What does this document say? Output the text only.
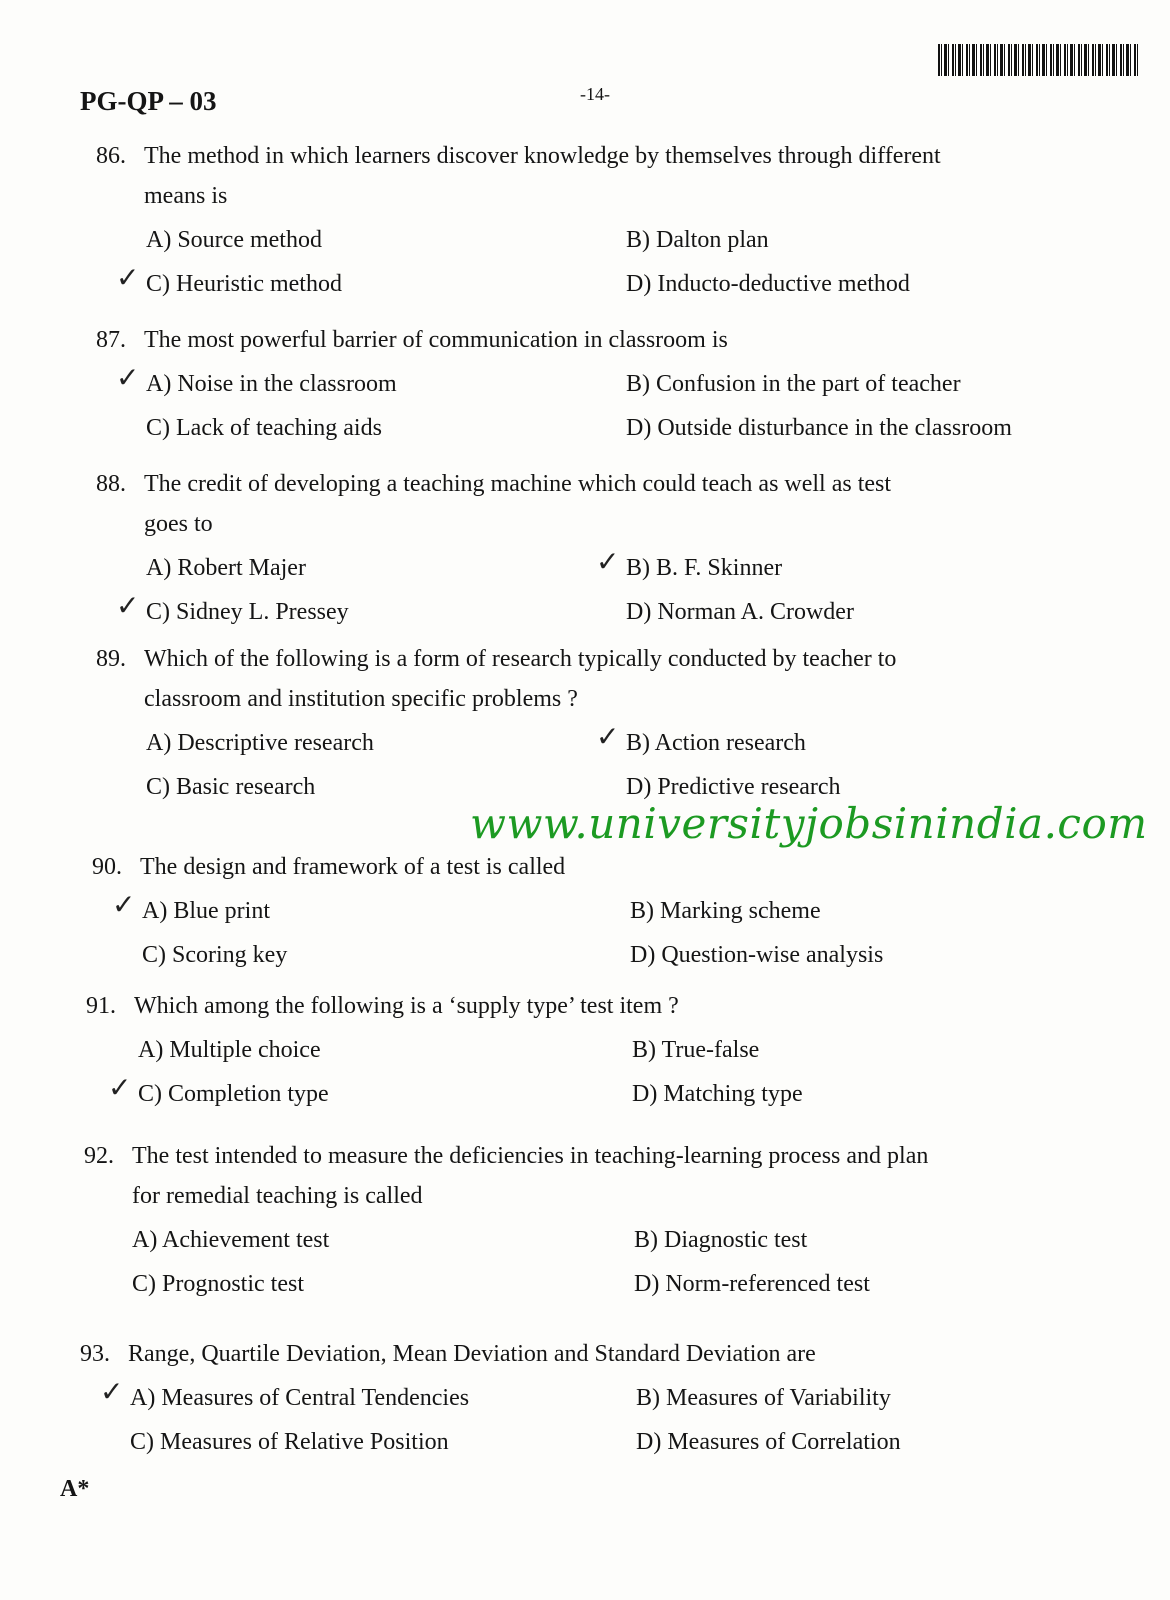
PG-QP – 03	-14-
86. The method in which learners discover knowledge by themselves through different
means is
A) Source method	B) Dalton plan
✓ C) Heuristic method	D) Inducto-deductive method
87. The most powerful barrier of communication in classroom is
✓ A) Noise in the classroom	B) Confusion in the part of teacher
C) Lack of teaching aids	D) Outside disturbance in the classroom
88. The credit of developing a teaching machine which could teach as well as test
goes to
A) Robert Majer	✓ B) B. F. Skinner
✓ C) Sidney L. Pressey	D) Norman A. Crowder
89. Which of the following is a form of research typically conducted by teacher to
classroom and institution specific problems ?
A) Descriptive research	✓ B) Action research
C) Basic research	D) Predictive research
90. The design and framework of a test is called
✓ A) Blue print	B) Marking scheme
C) Scoring key	D) Question-wise analysis
91. Which among the following is a ‘supply type’ test item ?
A) Multiple choice	B) True-false
✓ C) Completion type	D) Matching type
92. The test intended to measure the deficiencies in teaching-learning process and plan
for remedial teaching is called
A) Achievement test	B) Diagnostic test
C) Prognostic test	D) Norm-referenced test
93. Range, Quartile Deviation, Mean Deviation and Standard Deviation are
✓ A) Measures of Central Tendencies	B) Measures of Variability
C) Measures of Relative Position	D) Measures of Correlation
www.universityjobsinindia.com
A*
